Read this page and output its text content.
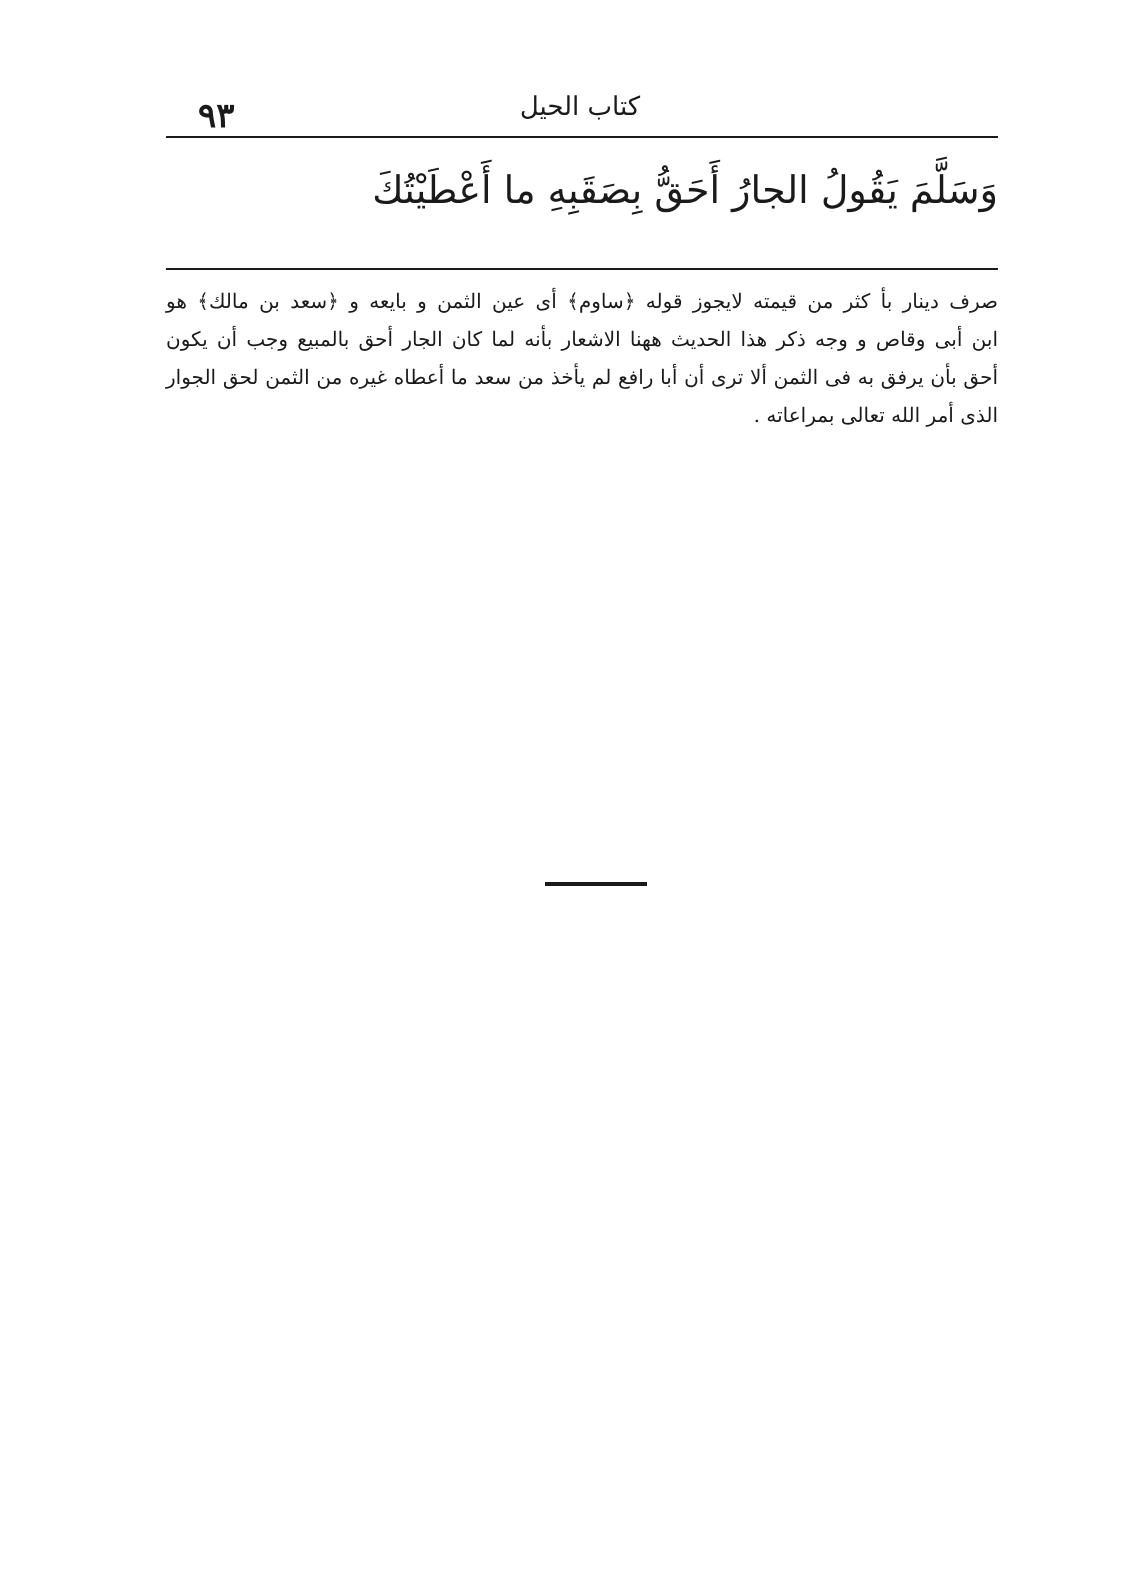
٩٣	كتاب الحيل
وَسَلَّمَ يَقُولُ الجارُ أَحَقُّ بِصَقَبِهِ ما أَعْطَيْتُكَ
صرف دينار بأ كثر من قيمته لايجوز قوله ﴿ساوم﴾ أى عين الثمن و بايعه و ﴿سعد بن مالك﴾ هو
ابن أبى وقاص و وجه ذكر هذا الحديث ههنا الاشعار بأنه لما كان الجار أحق بالمبيع وجب أن يكون
أحق بأن يرفق به فى الثمن ألا ترى أن أبا رافع لم يأخذ من سعد ما أعطاه غيره من الثمن لحق الجوار
الذى أمر الله تعالى بمراعاته .
